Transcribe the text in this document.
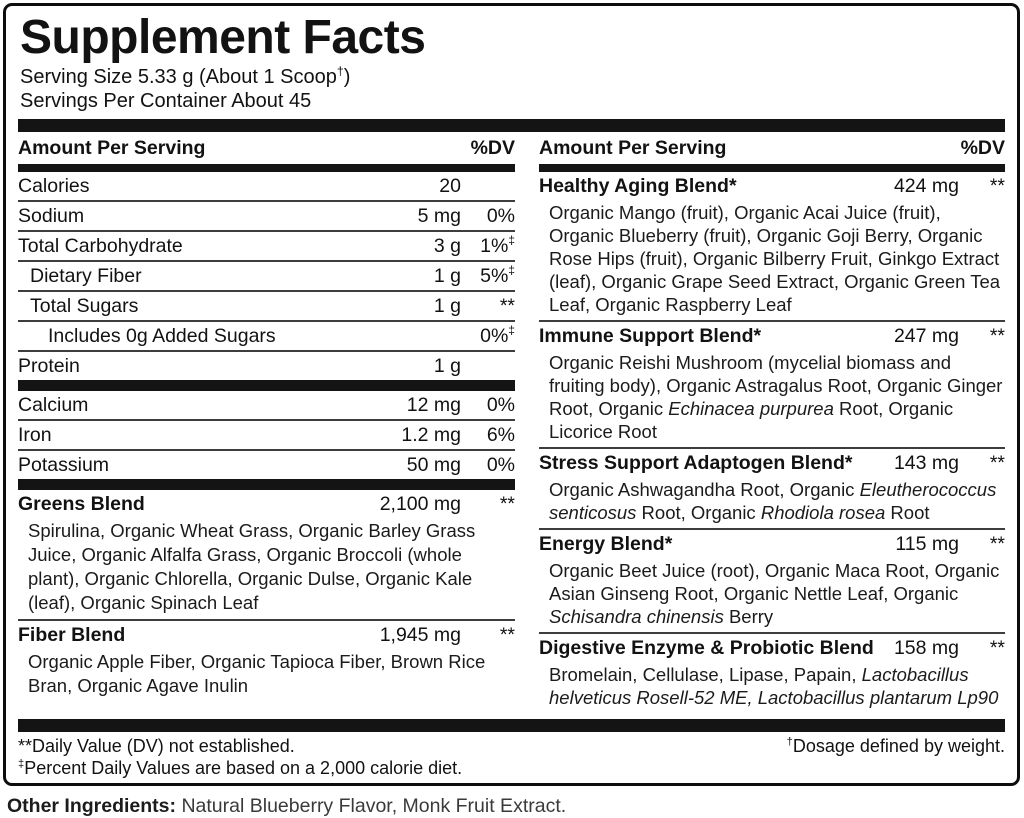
Supplement Facts
Serving Size 5.33 g (About 1 Scoop†)
Servings Per Container About 45
Amount Per Serving	%DV
Calories	20
Sodium	5 mg	0%
Total Carbohydrate	3 g 1%‡
Dietary Fiber	1 g 5%‡
Total Sugars	1 g	**
Includes 0g Added Sugars	0%‡
Protein	1 g
Calcium	12 mg	0%
Iron	1.2 mg	6%
Potassium	50 mg	0%
Greens Blend	2,100 mg	**
Spirulina, Organic Wheat Grass, Organic Barley Grass Juice, Organic Alfalfa Grass, Organic Broccoli (whole plant), Organic Chlorella, Organic Dulse, Organic Kale (leaf), Organic Spinach Leaf
Fiber Blend	1,945 mg	**
Organic Apple Fiber, Organic Tapioca Fiber, Brown Rice Bran, Organic Agave Inulin
Amount Per Serving	%DV
Healthy Aging Blend*	424 mg	**
Organic Mango (fruit), Organic Acai Juice (fruit), Organic Blueberry (fruit), Organic Goji Berry, Organic Rose Hips (fruit), Organic Bilberry Fruit, Ginkgo Extract (leaf), Organic Grape Seed Extract, Organic Green Tea Leaf, Organic Raspberry Leaf
Immune Support Blend*	247 mg	**
Organic Reishi Mushroom (mycelial biomass and fruiting body), Organic Astragalus Root, Organic Ginger Root, Organic Echinacea purpurea Root, Organic Licorice Root
Stress Support Adaptogen Blend* 143 mg	**
Organic Ashwagandha Root, Organic Eleutherococcus senticosus Root, Organic Rhodiola rosea Root
Energy Blend*	115 mg	**
Organic Beet Juice (root), Organic Maca Root, Organic Asian Ginseng Root, Organic Nettle Leaf, Organic Schisandra chinensis Berry
Digestive Enzyme & Probiotic Blend 158 mg	**
Bromelain, Cellulase, Lipase, Papain, Lactobacillus helveticus Rosell-52 ME, Lactobacillus plantarum Lp90
**Daily Value (DV) not established.	†Dosage defined by weight.
‡Percent Daily Values are based on a 2,000 calorie diet.
Other Ingredients: Natural Blueberry Flavor, Monk Fruit Extract.
